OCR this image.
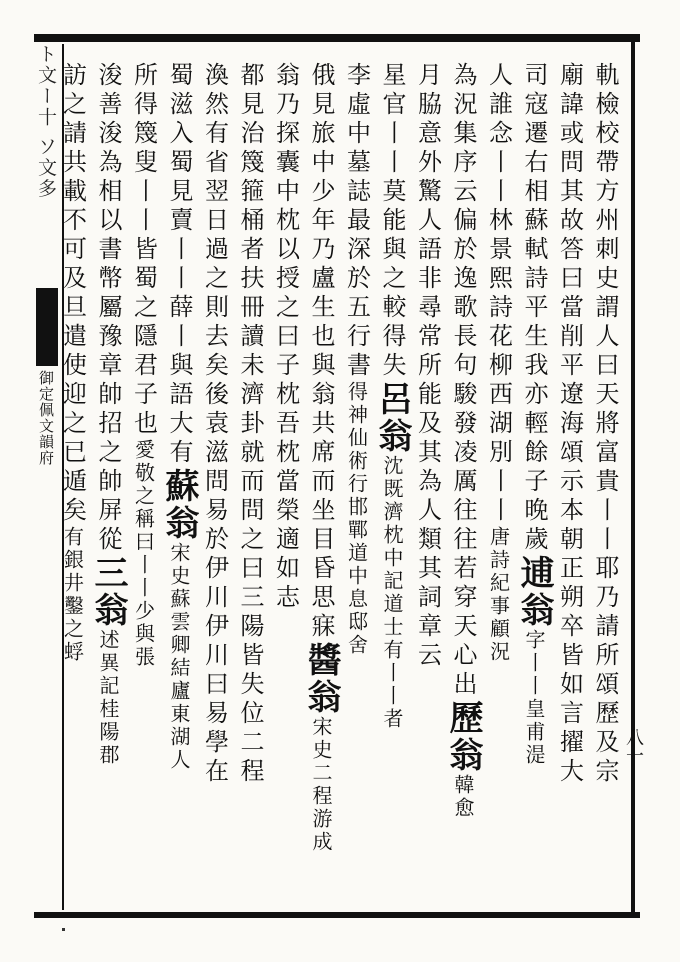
ト文ー十 ソ文多
御定佩文韻府	軌檢校帶方州刺史謂人曰天將富貴丨丨耶乃請所頌歷及宗
廟諱或問其故答曰當削平遼海頌示本朝正朔卒皆如言擢大
司寇遷右相蘇軾詩平生我亦輕餘子晚歲逋翁字丨丨皇甫湜
人誰念丨丨林景熙詩花柳西湖別丨丨唐詩紀事顧況
為況集序云偏於逸歌長句駿發凌厲往往若穿天心出歷翁韓愈
月脇意外驚人語非尋常所能及其為人類其詞章云
星官丨丨莫能與之較得失呂翁沈既濟枕中記道士有丨丨者
李虛中墓誌最深於五行書得神仙術行邯鄲道中息邸舍
俄見旅中少年乃盧生也與翁共席而坐目昏思寐醬翁宋史二程游成
翁乃探囊中枕以授之曰子枕吾枕當榮適如志
都見治篾箍桶者扶冊讀未濟卦就而問之曰三陽皆失位二程
渙然有省翌日過之則去矣後袁滋問易於伊川伊川曰易學在
蜀滋入蜀見賣丨丨薛丨與語大有蘇翁宋史蘇雲卿結廬東湖人
所得篾叟丨丨皆蜀之隱君子也愛敬之稱曰丨丨少與張
浚善浚為相以書幣屬豫章帥招之帥屏從三翁述異記桂陽郡
訪之請共載不可及旦遣使迎之已遁矣有銀井鑿之蜉
八一
